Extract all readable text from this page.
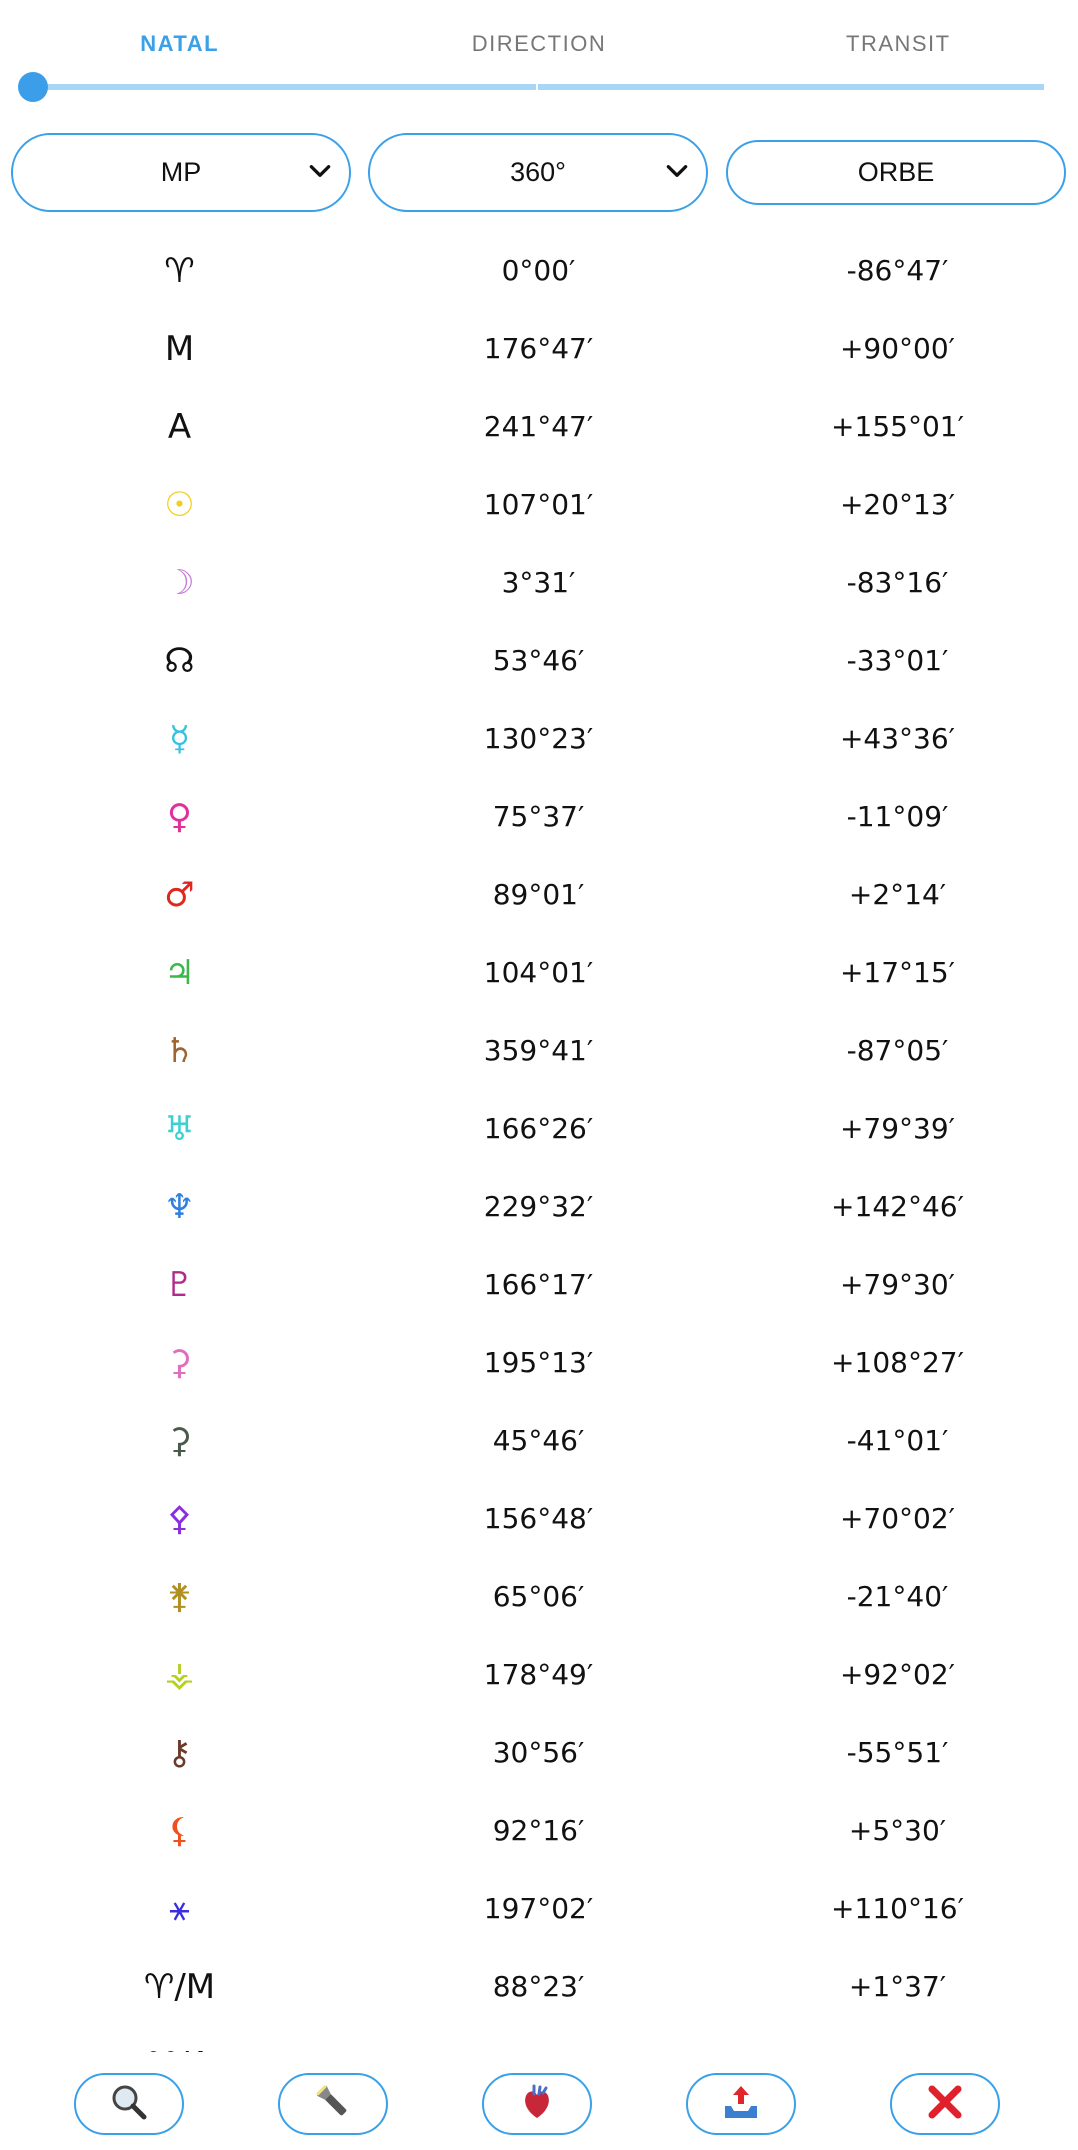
NATAL	DIRECTION	TRANSIT
MP	360°	ORBE
♈︎	0°00′	-86°47′
M	176°47′	+90°00′
A	241°47′	+155°01′
☉	107°01′	+20°13′
☽	3°31′	-83°16′
☊	53°46′	-33°01′
☿	130°23′	+43°36′
♀	75°37′	-11°09′
♂	89°01′	+2°14′
♃	104°01′	+17°15′
♄	359°41′	-87°05′
♅	166°26′	+79°39′
♆	229°32′	+142°46′
♇	166°17′	+79°30′
⚳	195°13′	+108°27′
⚳	45°46′	-41°01′
⚴	156°48′	+70°02′
⚵	65°06′	-21°40′
⚶	178°49′	+92°02′
⚷	30°56′	-55°51′
⚸	92°16′	+5°30′
⚹	197°02′	+110°16′
♈︎/M	88°23′	+1°37′
